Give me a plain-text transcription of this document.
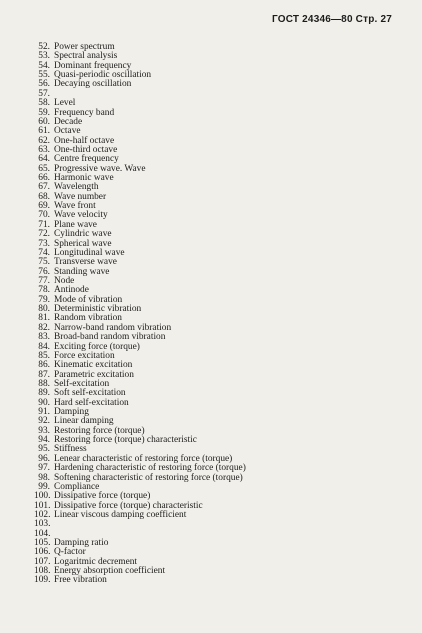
ГОСТ 24346—80 Стр. 27
52. Power spectrum
53. Spectral analysis
54. Dominant frequency
55. Quasi-periodic oscillation
56. Decaying oscillation
57.
58. Level
59. Frequency band
60. Decade
61. Octave
62. One-half octave
63. One-third octave
64. Centre frequency
65. Progressive wave. Wave
66. Harmonic wave
67. Wavelength
68. Wave number
69. Wave front
70. Wave velocity
71. Plane wave
72. Cylindric wave
73. Spherical wave
74. Longitudinal wave
75. Transverse wave
76. Standing wave
77. Node
78. Antinode
79. Mode of vibration
80. Deterministic vibration
81. Random vibration
82. Narrow-band random vibration
83. Broad-band random vibration
84. Exciting force (torque)
85. Force excitation
86. Kinematic excitation
87. Parametric excitation
88. Self-excitation
89. Soft self-excitation
90. Hard self-excitation
91. Damping
92. Linear damping
93. Restoring force (torque)
94. Restoring force (torque) characteristic
95. Stiffness
96. Lenear characteristic of restoring force (torque)
97. Hardening characteristic of restoring force (torque)
98. Softening characteristic of restoring force (torque)
99. Compliance
100. Dissipative force (torque)
101. Dissipative force (torque) characteristic
102. Linear viscous damping coefficient
103.
104.
105. Damping ratio
106. Q-factor
107. Logaritmic decrement
108. Energy absorption coefficient
109. Free vibration
